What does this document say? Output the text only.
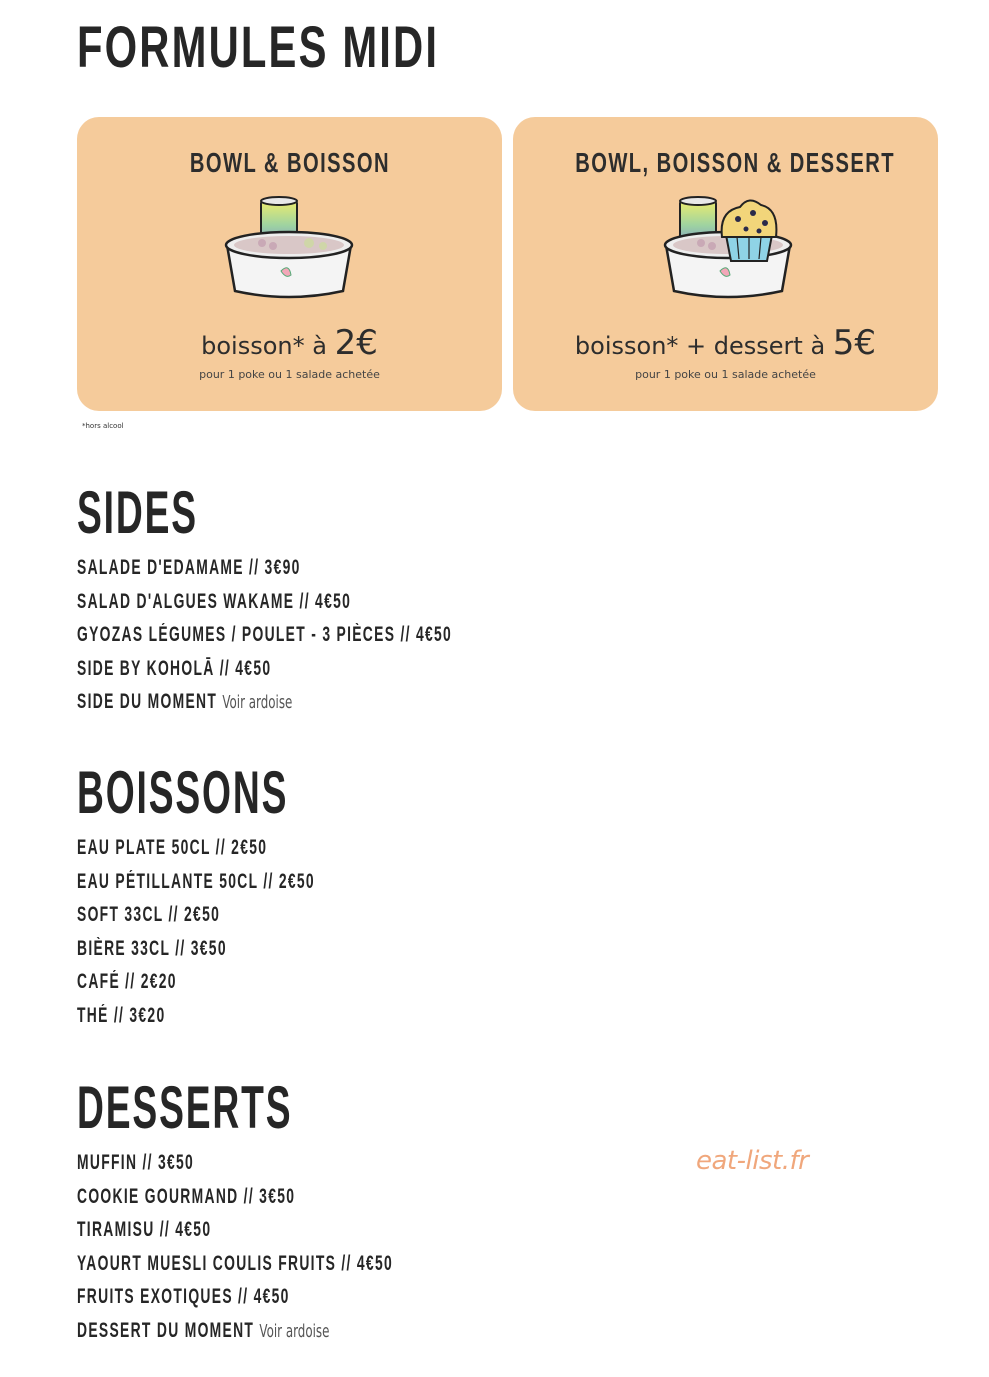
FORMULES MIDI
BOWL & BOISSON
boisson* à 2€
pour 1 poke ou 1 salade achetée
BOWL, BOISSON & DESSERT
boisson* + dessert à 5€
pour 1 poke ou 1 salade achetée
*hors alcool
SIDES
SALADE D'EDAMAME // 3€90
SALAD D'ALGUES WAKAME // 4€50
GYOZAS LÉGUMES / POULET - 3 PIÈCES // 4€50
SIDE BY KOHOLĀ // 4€50
SIDE DU MOMENT Voir ardoise
BOISSONS
EAU PLATE 50CL // 2€50
EAU PÉTILLANTE 50CL // 2€50
SOFT 33CL // 2€50
BIÈRE 33CL // 3€50
CAFÉ // 2€20
THÉ // 3€20
DESSERTS
MUFFIN // 3€50
COOKIE GOURMAND // 3€50
TIRAMISU // 4€50
YAOURT MUESLI COULIS FRUITS // 4€50
FRUITS EXOTIQUES // 4€50
DESSERT DU MOMENT Voir ardoise
eat-list.fr
